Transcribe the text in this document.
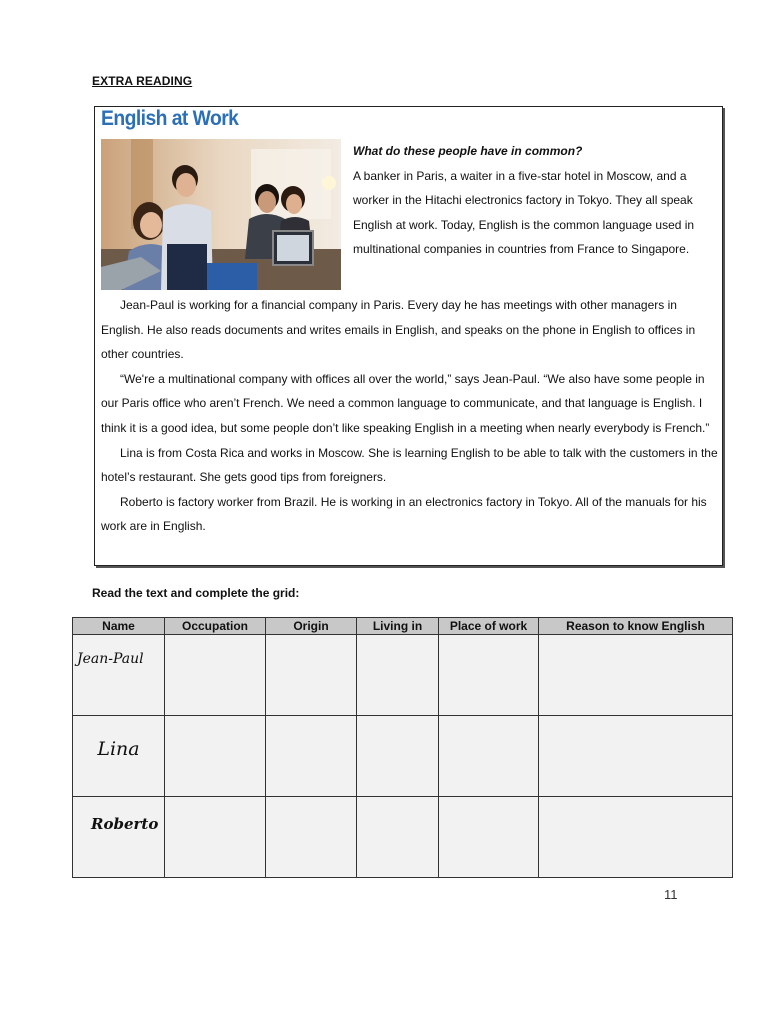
EXTRA READING
English at Work
What do these people have in common?
A banker in Paris, a waiter in a five-star hotel in Moscow, and a worker in the Hitachi electronics factory in Tokyo. They all speak English at work. Today, English is the common language used in multinational companies in countries from France to Singapore.

Jean-Paul is working for a financial company in Paris. Every day he has meetings with other managers in English. He also reads documents and writes emails in English, and speaks on the phone in English to offices in other countries.

“We're a multinational company with offices all over the world,” says Jean-Paul. “We also have some people in our Paris office who aren’t French. We need a common language to communicate, and that language is English. I think it is a good idea, but some people don’t like speaking English in a meeting when nearly everybody is French.”

Lina is from Costa Rica and works in Moscow. She is learning English to be able to talk with the customers in the hotel’s restaurant. She gets good tips from foreigners.

Roberto is factory worker from Brazil. He is working in an electronics factory in Tokyo. All of the manuals for his work are in English.

Read the text and complete the grid:
Name	Occupation	Origin	Living in	Place of work	Reason to know English

Jean-Paul					

Lina					

Roberto					

11
